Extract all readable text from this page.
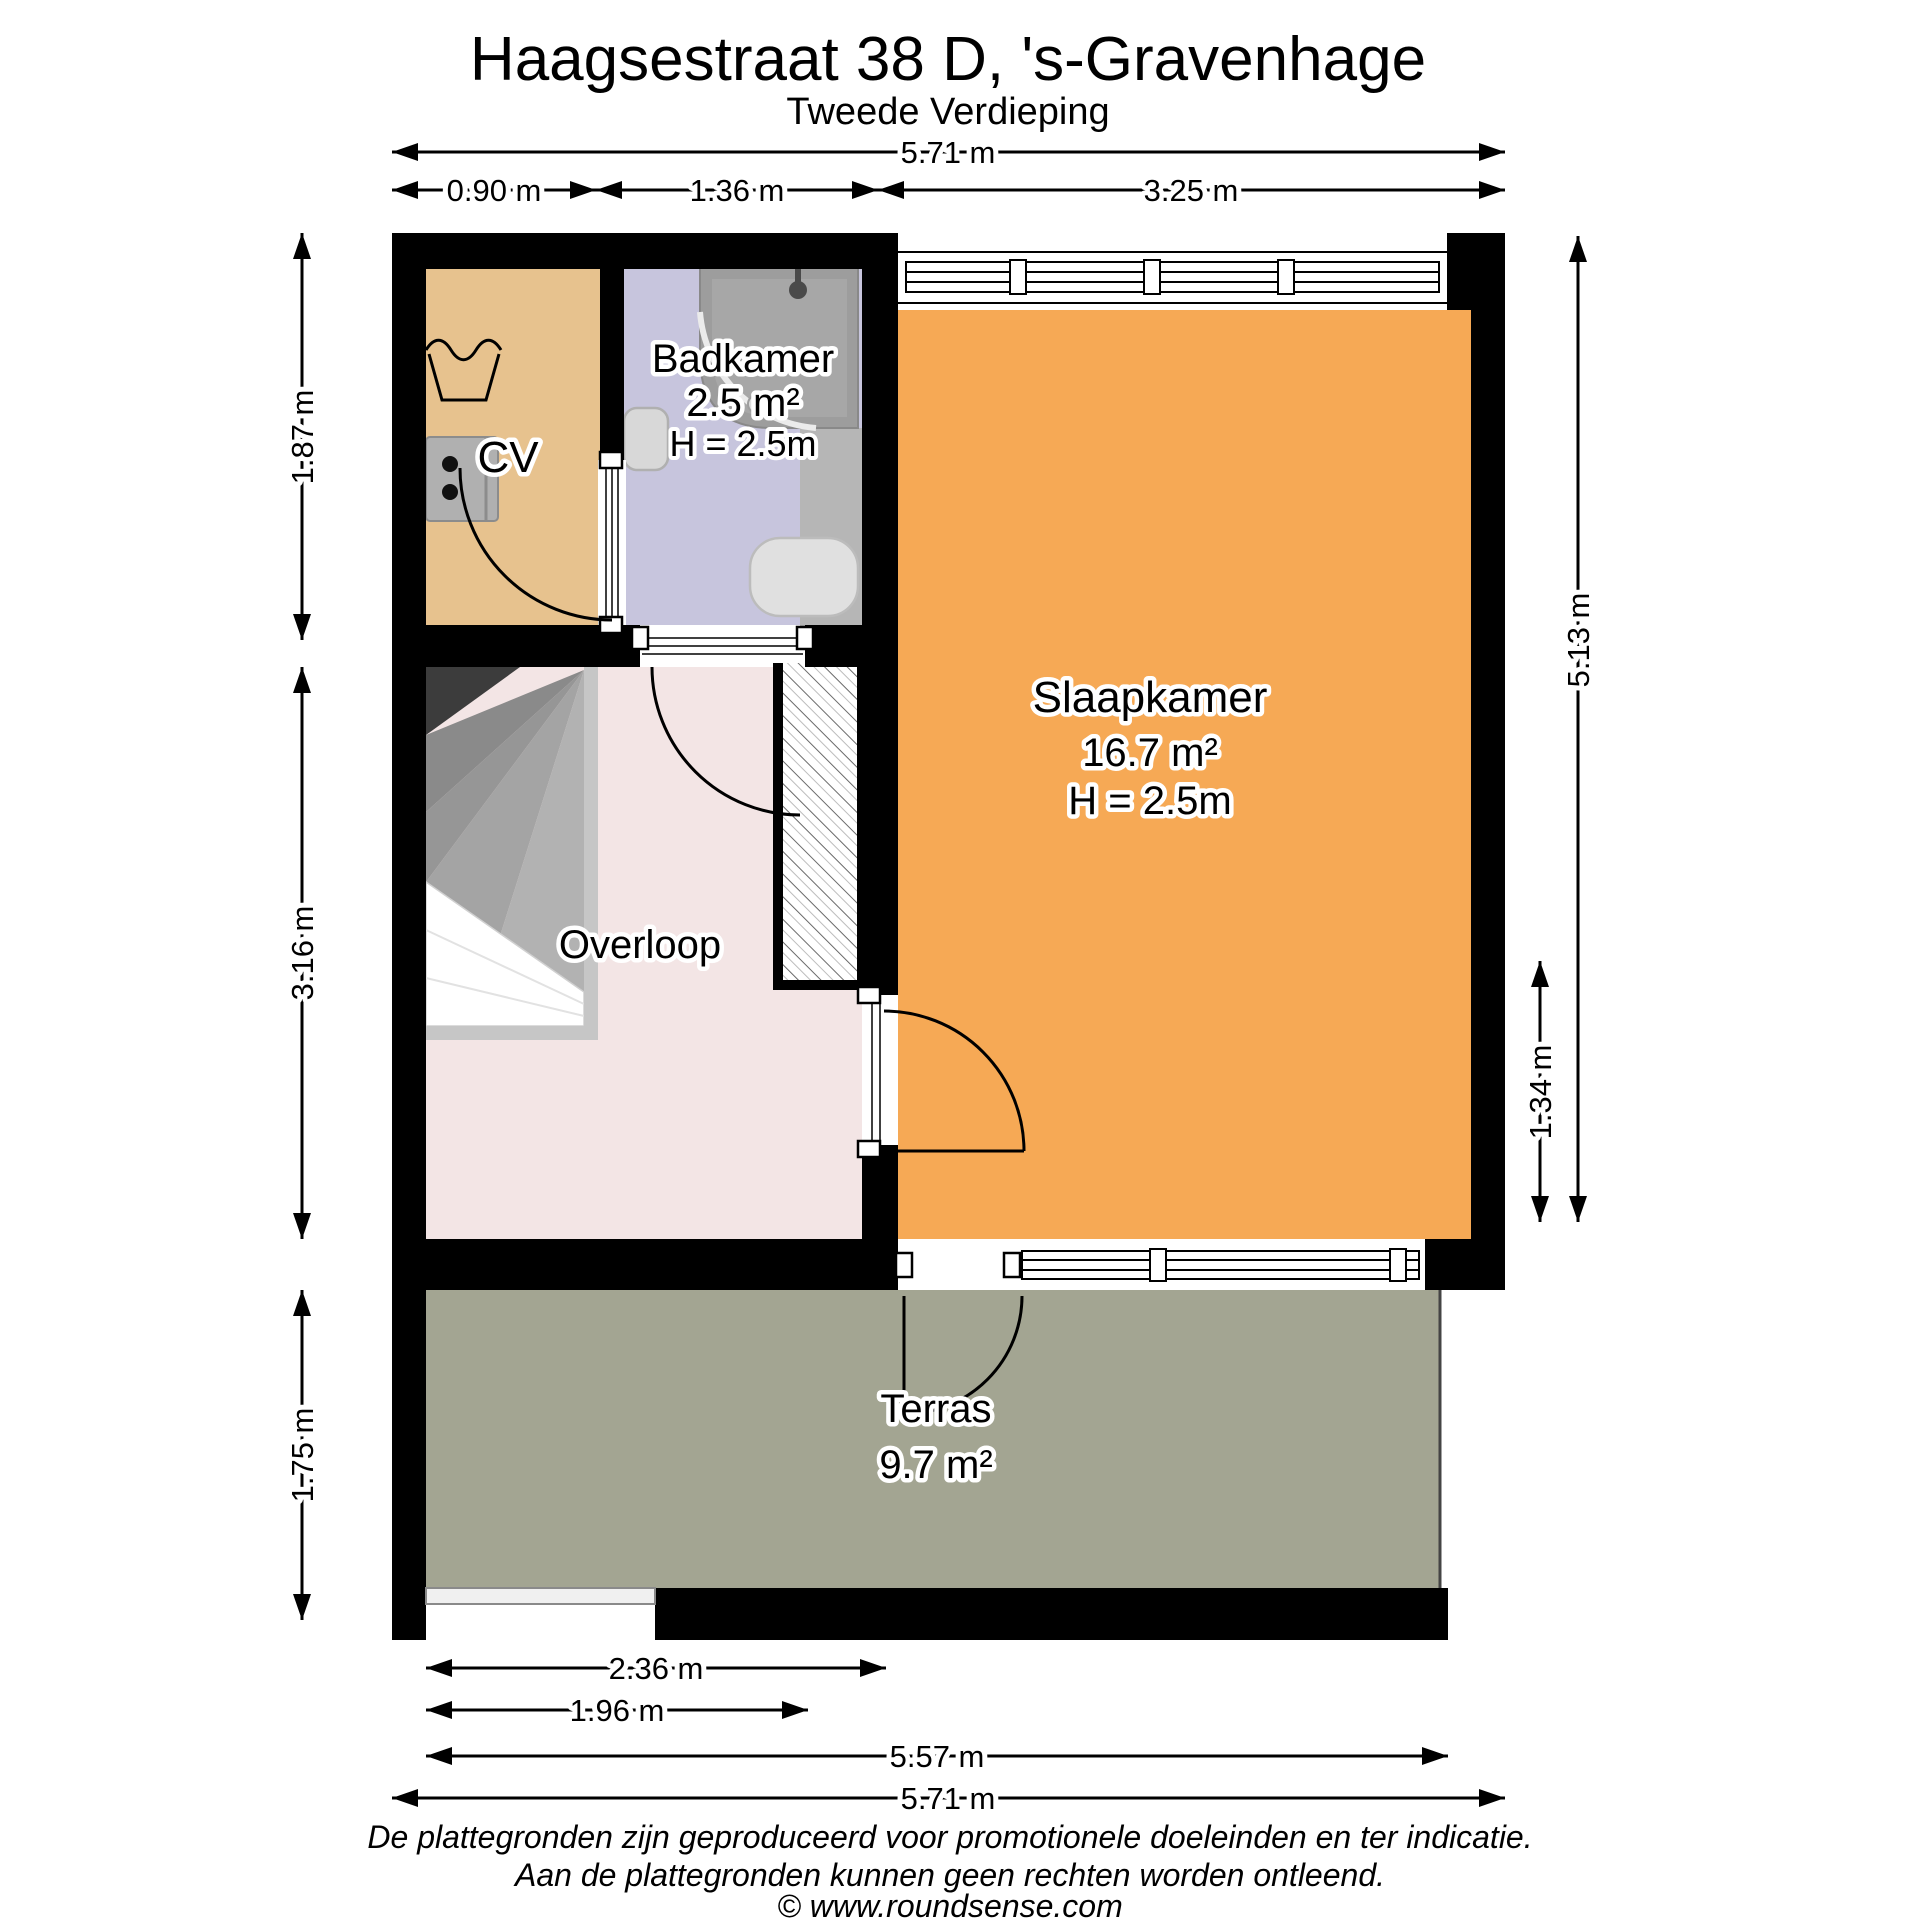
Haagsestraat 38 D, 's-Gravenhage
Tweede Verdieping
CV
Badkamer
2.5 m²
H = 2.5m
Slaapkamer
16.7 m²
H = 2.5m
Overloop
Terras
9.7 m²
5.71 m
0.90 m	1.36 m	3.25 m
1.87 m
3.16 m
1.75 m
5.13 m
1.34 m
2.36 m
1.96 m
5.57 m
5.71 m
De plattegronden zijn geproduceerd voor promotionele doeleinden en ter indicatie.
Aan de plattegronden kunnen geen rechten worden ontleend.
© www.roundsense.com
